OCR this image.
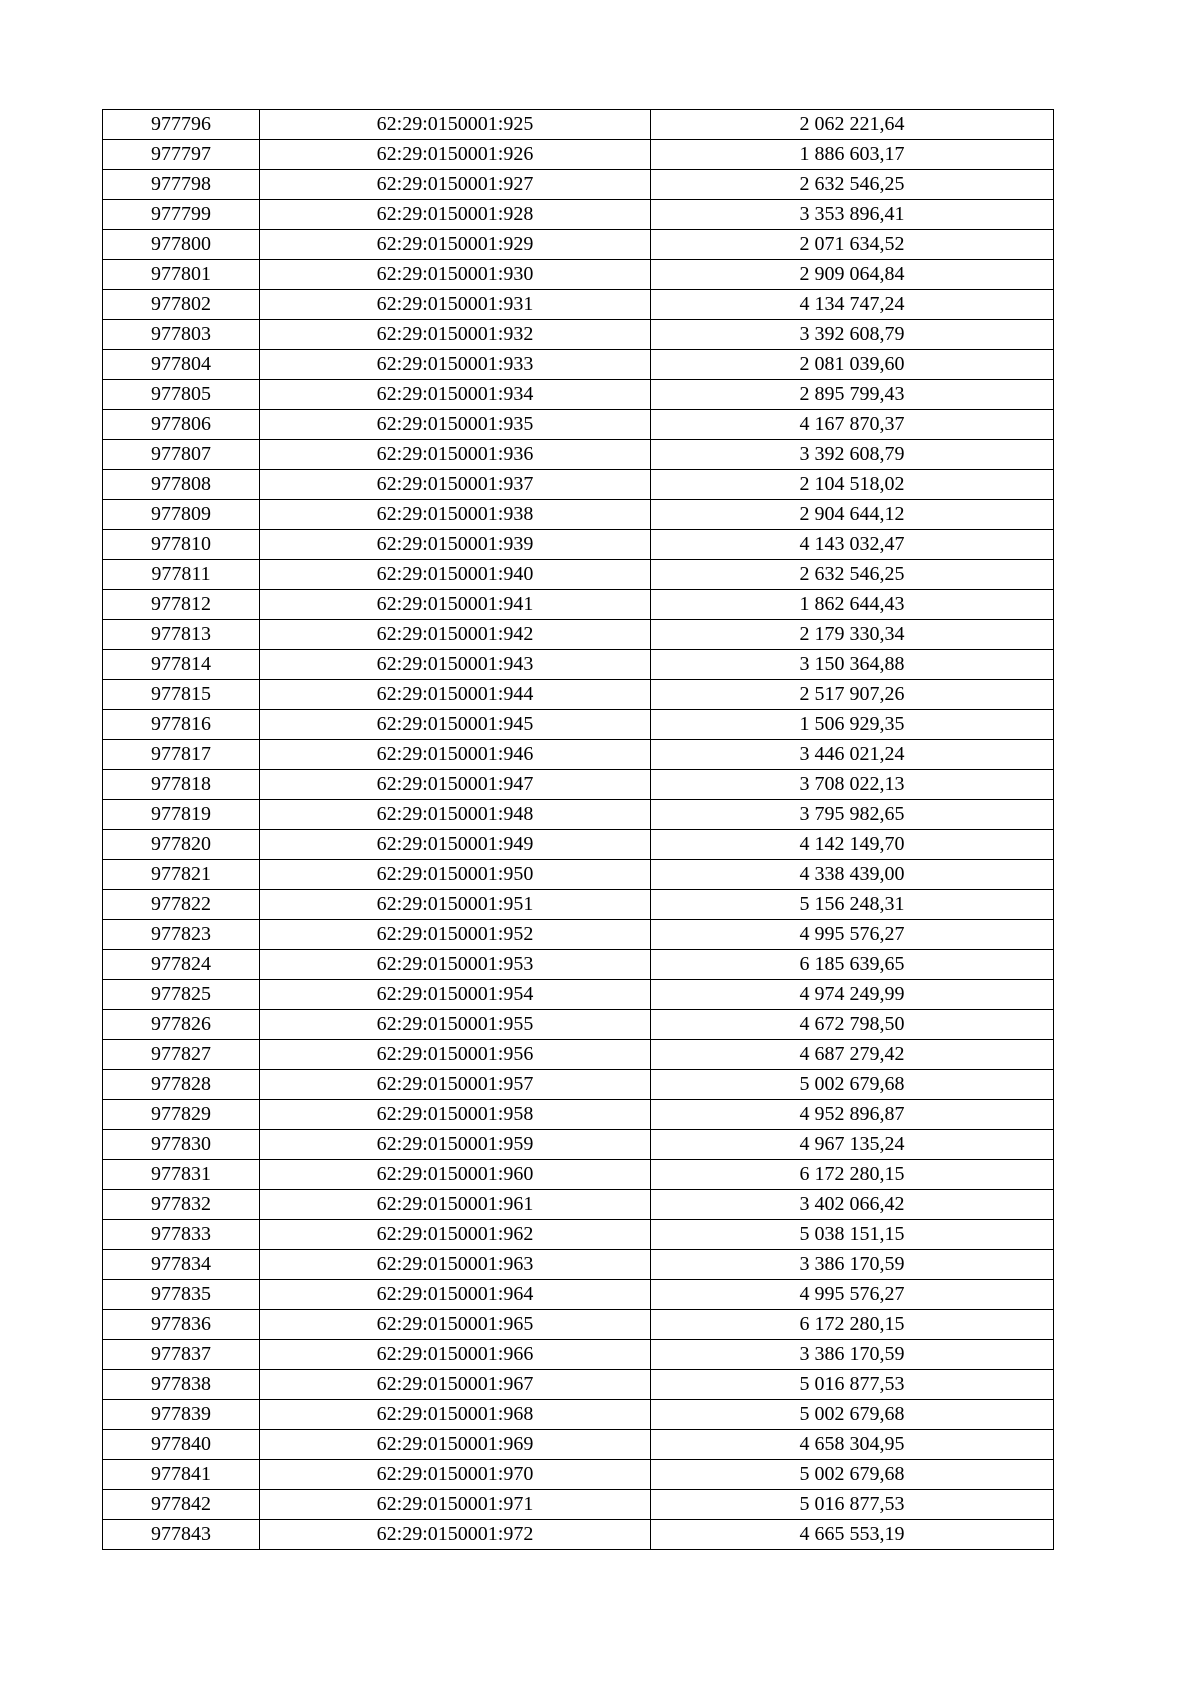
977796	62:29:0150001:925	2 062 221,64
977797	62:29:0150001:926	1 886 603,17
977798	62:29:0150001:927	2 632 546,25
977799	62:29:0150001:928	3 353 896,41
977800	62:29:0150001:929	2 071 634,52
977801	62:29:0150001:930	2 909 064,84
977802	62:29:0150001:931	4 134 747,24
977803	62:29:0150001:932	3 392 608,79
977804	62:29:0150001:933	2 081 039,60
977805	62:29:0150001:934	2 895 799,43
977806	62:29:0150001:935	4 167 870,37
977807	62:29:0150001:936	3 392 608,79
977808	62:29:0150001:937	2 104 518,02
977809	62:29:0150001:938	2 904 644,12
977810	62:29:0150001:939	4 143 032,47
977811	62:29:0150001:940	2 632 546,25
977812	62:29:0150001:941	1 862 644,43
977813	62:29:0150001:942	2 179 330,34
977814	62:29:0150001:943	3 150 364,88
977815	62:29:0150001:944	2 517 907,26
977816	62:29:0150001:945	1 506 929,35
977817	62:29:0150001:946	3 446 021,24
977818	62:29:0150001:947	3 708 022,13
977819	62:29:0150001:948	3 795 982,65
977820	62:29:0150001:949	4 142 149,70
977821	62:29:0150001:950	4 338 439,00
977822	62:29:0150001:951	5 156 248,31
977823	62:29:0150001:952	4 995 576,27
977824	62:29:0150001:953	6 185 639,65
977825	62:29:0150001:954	4 974 249,99
977826	62:29:0150001:955	4 672 798,50
977827	62:29:0150001:956	4 687 279,42
977828	62:29:0150001:957	5 002 679,68
977829	62:29:0150001:958	4 952 896,87
977830	62:29:0150001:959	4 967 135,24
977831	62:29:0150001:960	6 172 280,15
977832	62:29:0150001:961	3 402 066,42
977833	62:29:0150001:962	5 038 151,15
977834	62:29:0150001:963	3 386 170,59
977835	62:29:0150001:964	4 995 576,27
977836	62:29:0150001:965	6 172 280,15
977837	62:29:0150001:966	3 386 170,59
977838	62:29:0150001:967	5 016 877,53
977839	62:29:0150001:968	5 002 679,68
977840	62:29:0150001:969	4 658 304,95
977841	62:29:0150001:970	5 002 679,68
977842	62:29:0150001:971	5 016 877,53
977843	62:29:0150001:972	4 665 553,19
